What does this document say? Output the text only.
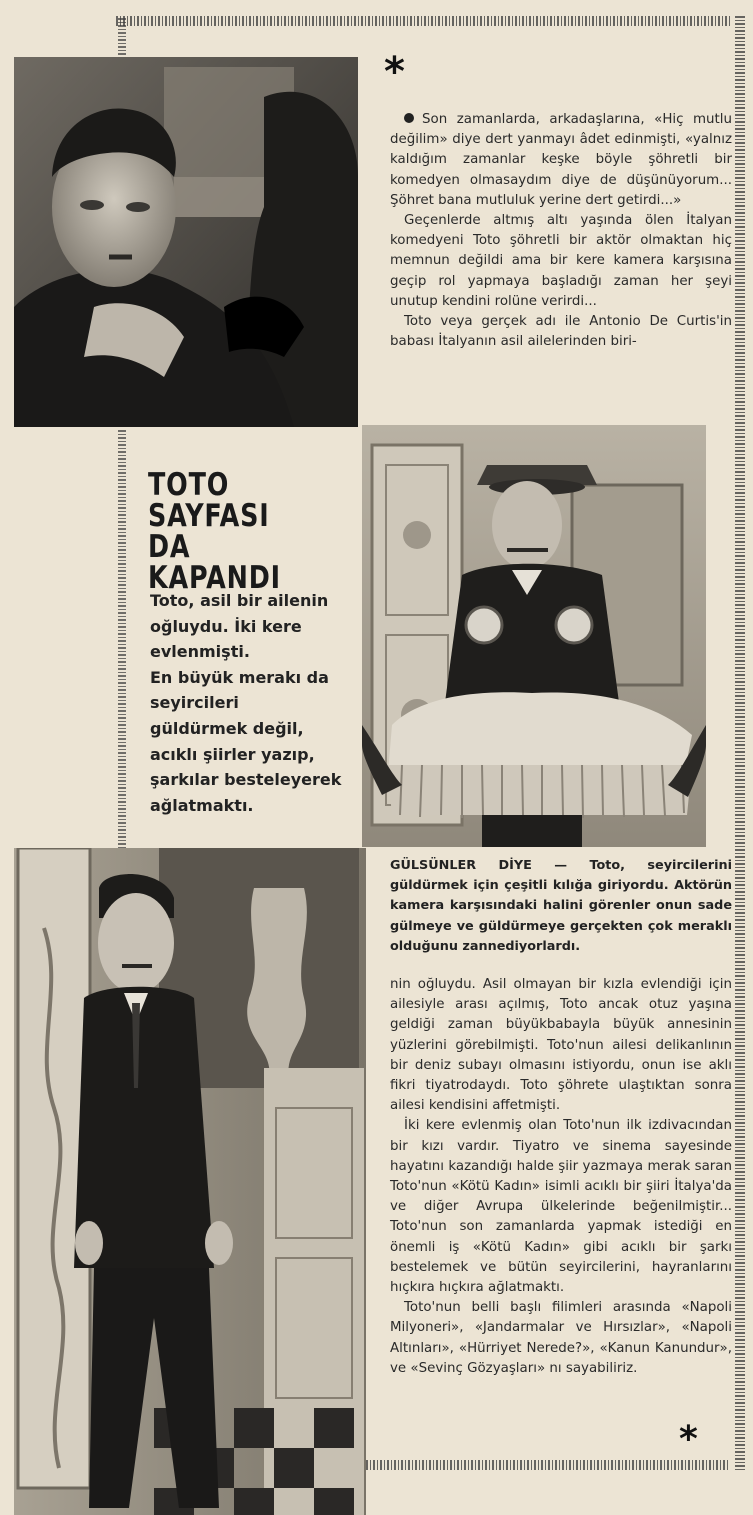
*

Son zamanlarda, arkadaşlarına, «Hiç mutlu değilim» diye dert yanmayı âdet edinmişti, «yalnız kaldığım zamanlar keşke böyle şöhretli bir komedyen olmasaydım diye de düşünüyorum... Şöhret bana mutluluk yerine dert getirdi...»

Geçenlerde altmış altı yaşında ölen İtalyan komedyeni Toto şöhretli bir aktör olmaktan hiç memnun değildi ama bir kere kamera karşısına geçip rol yapmaya başladığı zaman her şeyi unutup kendini rolüne verirdi...

Toto veya gerçek adı ile Antonio De Curtis'in babası İtalyanın asil ailelerinden biri-

TOTO
SAYFASI
DA KAPANDI
Toto, asil bir ailenin
oğluydu. İki kere
evlenmişti.
En büyük merakı da
seyircileri
güldürmek değil,
acıklı şiirler yazıp,
şarkılar besteleyerek
ağlatmaktı.
GÜLSÜNLER DİYE — Toto, seyircilerini güldürmek için çeşitli kılığa giriyordu. Aktörün kamera karşısındaki halini görenler onun sade gülmeye ve güldürmeye gerçekten çok meraklı olduğunu zannediyorlardı.

nin oğluydu. Asil olmayan bir kızla evlendiği için ailesiyle arası açılmış, Toto ancak otuz yaşına geldiği zaman büyükbabayla büyük annesinin yüzlerini görebilmişti. Toto'nun ailesi delikanlının bir deniz subayı olmasını istiyordu, onun ise aklı fikri tiyatrodaydı. Toto şöhrete ulaştıktan sonra ailesi kendisini affetmişti.

İki kere evlenmiş olan Toto'nun ilk izdivacından bir kızı vardır. Tiyatro ve sinema sayesinde hayatını kazandığı halde şiir yazmaya merak saran Toto'nun «Kötü Kadın» isimli acıklı bir şiiri İtalya'da ve diğer Avrupa ülkelerinde beğenilmiştir... Toto'nun son zamanlarda yapmak istediği en önemli iş «Kötü Kadın» gibi acıklı bir şarkı bestelemek ve bütün seyircilerini, hayranlarını hıçkıra hıçkıra ağlatmaktı.

Toto'nun belli başlı filimleri arasında «Napoli Milyoneri», «Jandarmalar ve Hırsızlar», «Napoli Altınları», «Hürriyet Nerede?», «Kanun Kanundur», ve «Sevinç Gözyaşları» nı sayabiliriz.

*
